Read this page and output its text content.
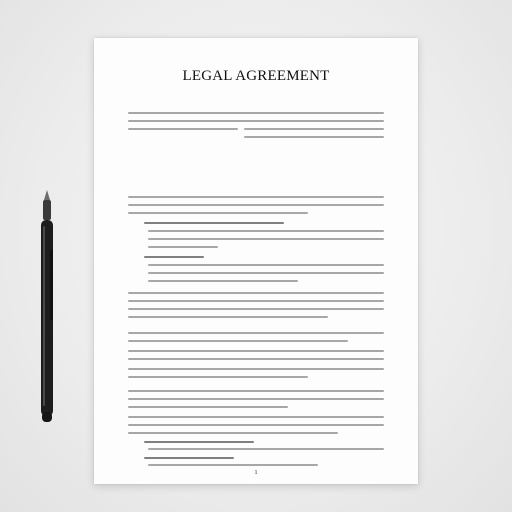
LEGAL AGREEMENT
1
